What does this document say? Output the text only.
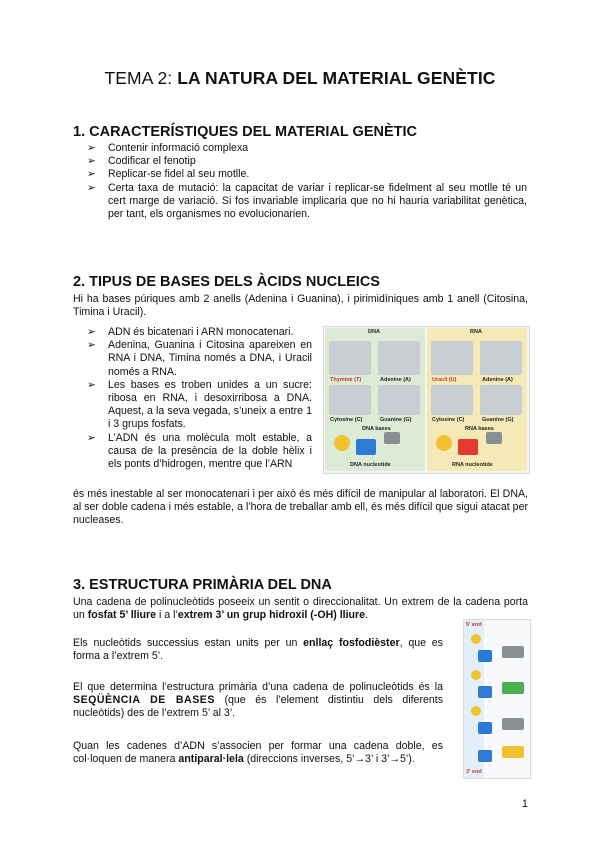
TEMA 2: LA NATURA DEL MATERIAL GENÈTIC
1. CARACTERÍSTIQUES DEL MATERIAL GENÈTIC
➢ Contenir informació complexa
➢ Codificar el fenotip
➢ Replicar-se fidel al seu motlle.
➢ Certa taxa de mutació: la capacitat de variar i replicar-se fidelment al seu motlle té un cert marge de variació. Si fos invariable implicaria que no hi hauria variabilitat genètica, per tant, els organismes no evolucionarien.
2. TIPUS DE BASES DELS ÀCIDS NUCLEICS

Hi ha bases púriques amb 2 anells (Adenina i Guanina), i pirimidíniques amb 1 anell (Citosina, Timina i Uracil).

➢ ADN és bicatenari i ARN monocatenari.
➢ Adenina, Guanina i Citosina apareixen en RNA i DNA, Timina només a DNA, i Uracil només a RNA.
➢ Les bases es troben unides a un sucre: ribosa en RNA, i desoxirribosa a DNA. Aquest, a la seva vegada, s’uneix a entre 1 i 3 grups fosfats.
➢ L’ADN és una molècula molt estable, a causa de la presència de la doble hèlix i els ponts d’hidrogen, mentre que l’ARN

és més inestable al ser monocatenari i per això és més difícil de manipular al laboratori. El DNA, al ser doble cadena i més estable, a l’hora de treballar amb ell, és més difícil que sigui atacat per nucleases.

DNA	RNA
Thymine (T)	Adenine (A)	Uracil (U)	Adenine (A)
Cytosine (C)	Guanine (G)	Cytosine (C)	Guanine (G)
DNA bases	RNA bases
DNA nucleotide	RNA nucleotide
3. ESTRUCTURA PRIMÀRIA DEL DNA

Una cadena de polinucleòtids poseeix un sentit o direccionalitat. Un extrem de la cadena porta un fosfat 5’ lliure i a l’extrem 3’ un grup hidroxil (-OH) lliure.

Els nucleòtids successius estan units per un enllaç fosfodièster, que es forma a l’extrem 5’.

El que determina l’estructura primària d’una cadena de polinucleòtids és la SEQÜÈNCIA DE BASES (que és l’element distintiu dels diferents nucleòtids) des de l’extrem 5’ al 3’.

Quan les cadenes d’ADN s’associen per formar una cadena doble, es col·loquen de manera antiparal·lela (direccions inverses, 5’→3’ i 3’→5’).

5' end
3' end
1
